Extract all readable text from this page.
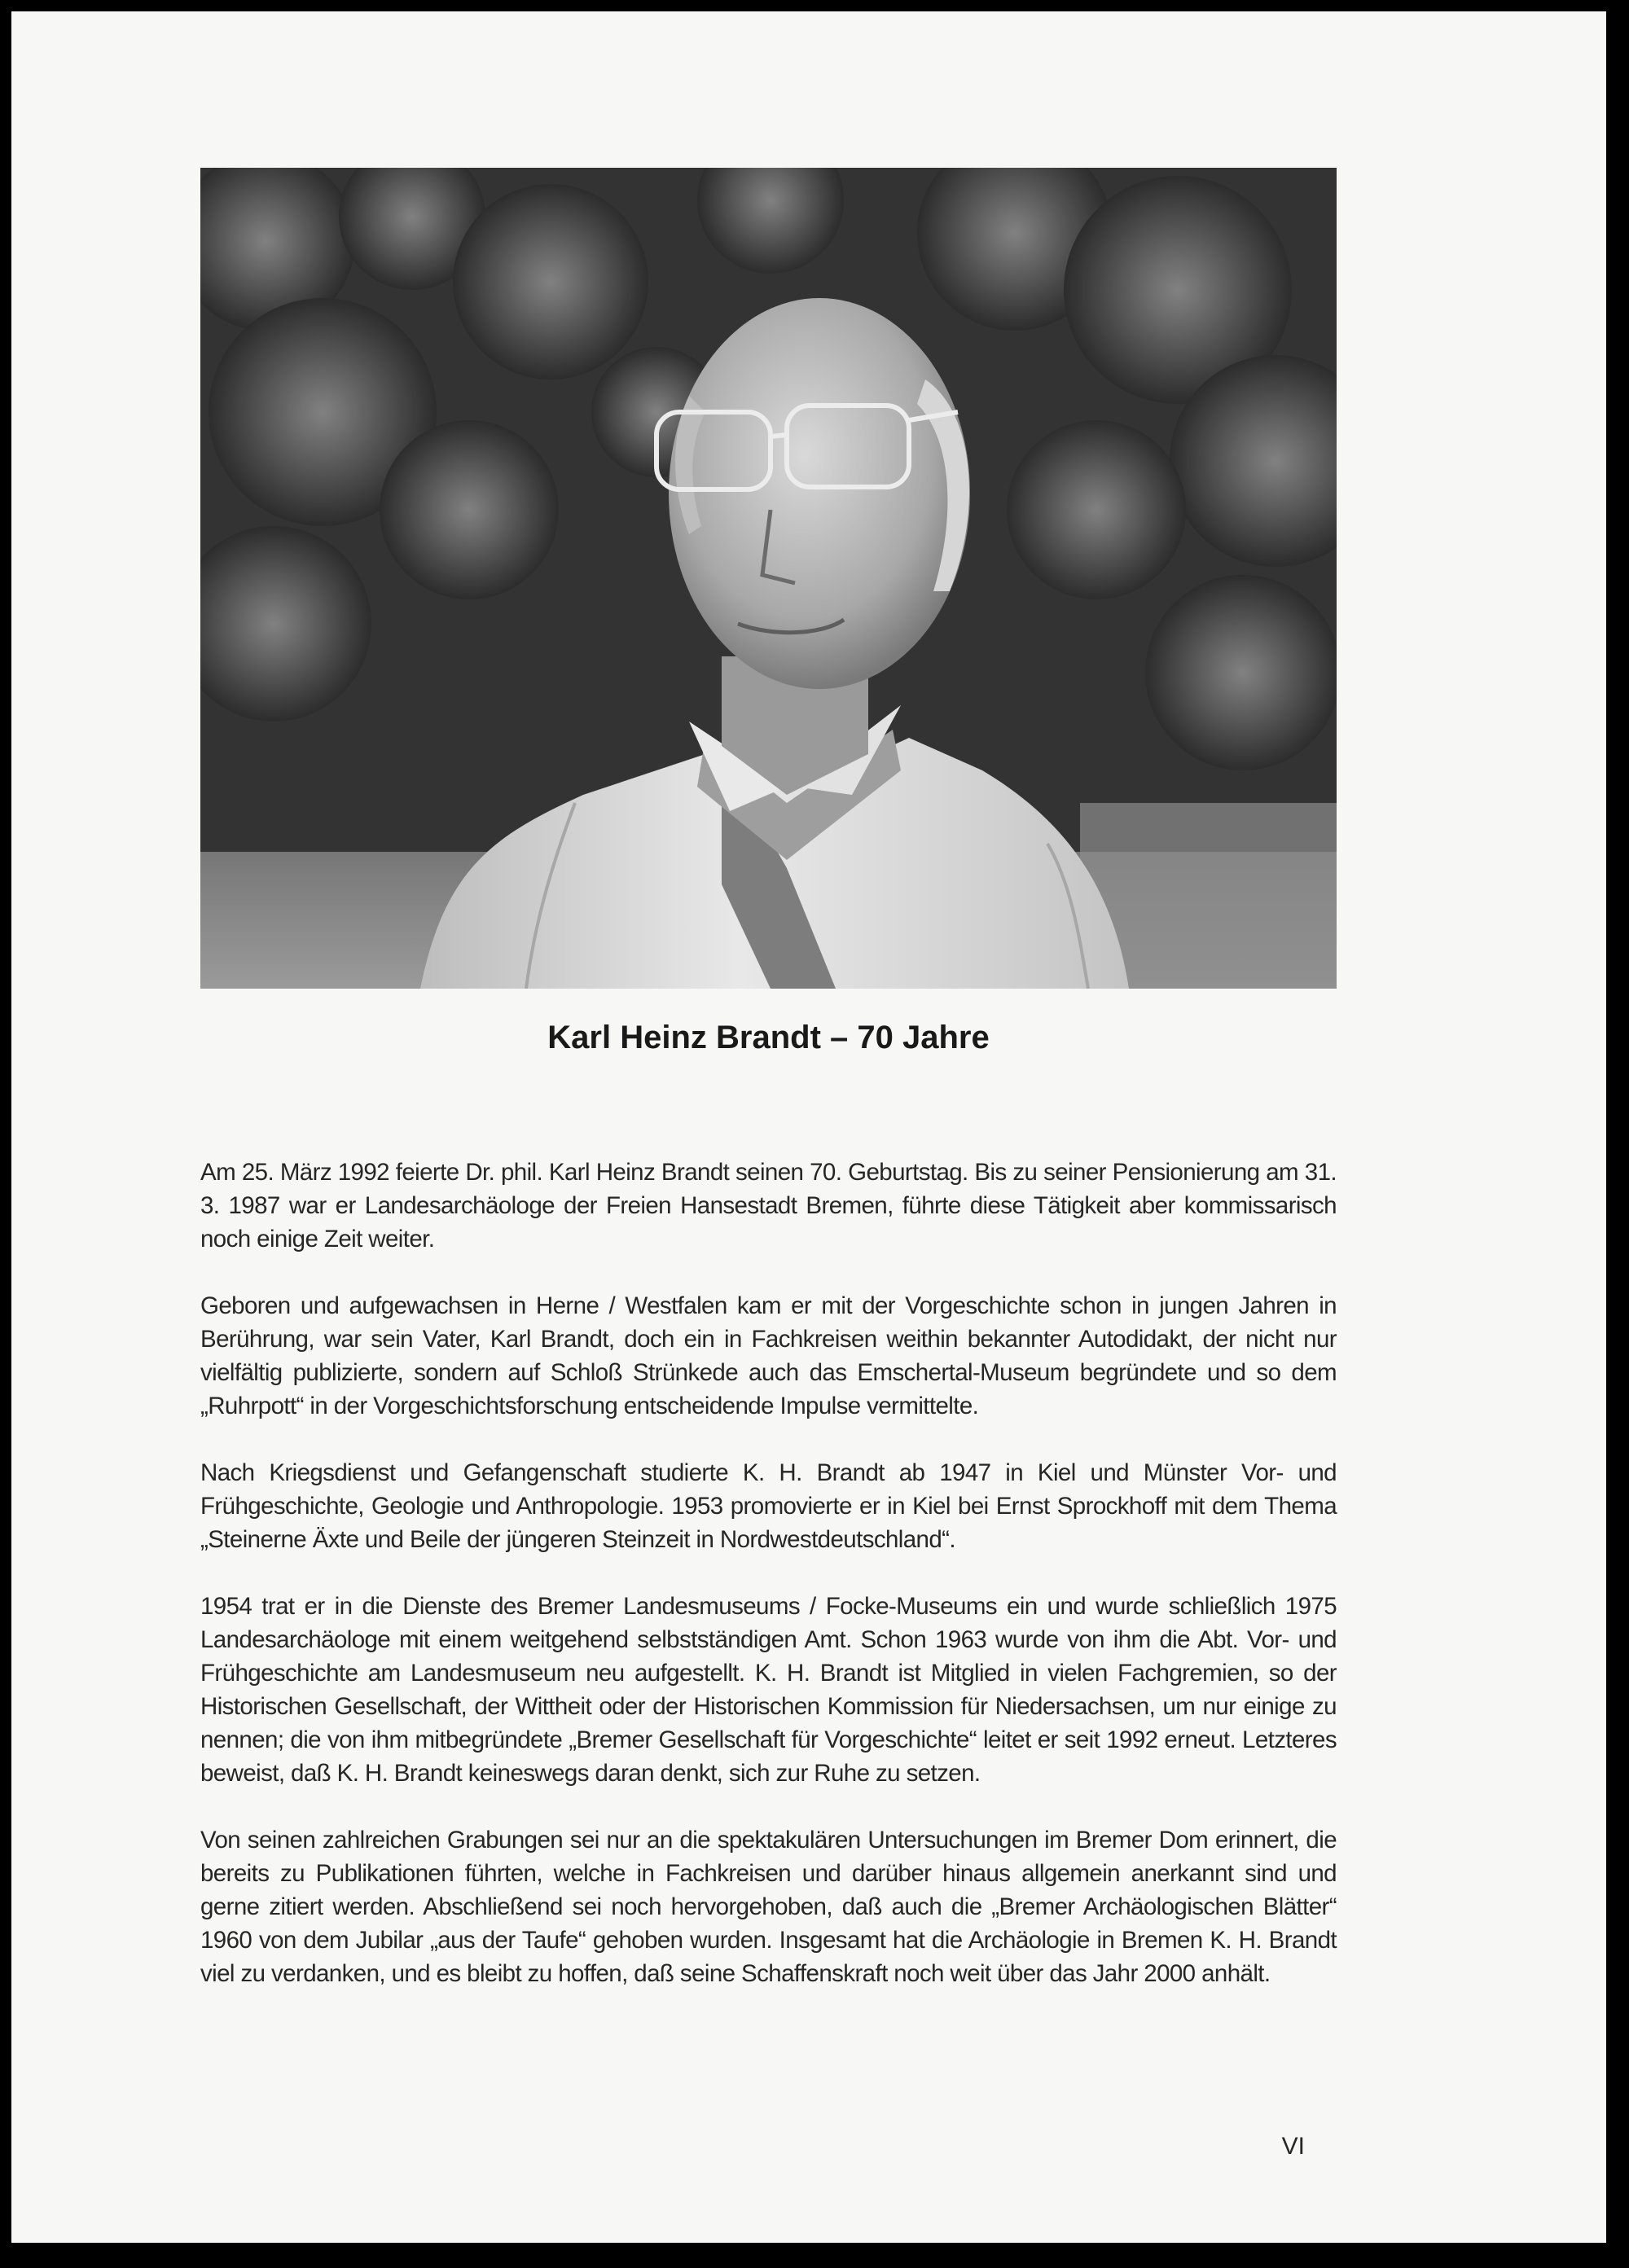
Karl Heinz Brandt – 70 Jahre

Am 25. März 1992 feierte Dr. phil. Karl Heinz Brandt seinen 70. Geburtstag. Bis zu seiner Pensionierung am 31. 3. 1987 war er Landesarchäologe der Freien Hansestadt Bremen, führte diese Tätigkeit aber kommissarisch noch einige Zeit weiter.

Geboren und aufgewachsen in Herne / Westfalen kam er mit der Vorgeschichte schon in jungen Jahren in Berührung, war sein Vater, Karl Brandt, doch ein in Fachkreisen weithin bekannter Autodidakt, der nicht nur vielfältig publizierte, sondern auf Schloß Strünkede auch das Emschertal-Museum begründete und so dem „Ruhrpott“ in der Vorgeschichtsforschung entscheidende Impulse vermittelte.

Nach Kriegsdienst und Gefangenschaft studierte K. H. Brandt ab 1947 in Kiel und Münster Vor- und Frühgeschichte, Geologie und Anthropologie. 1953 promovierte er in Kiel bei Ernst Sprockhoff mit dem Thema „Steinerne Äxte und Beile der jüngeren Steinzeit in Nordwestdeutschland“.

1954 trat er in die Dienste des Bremer Landesmuseums / Focke-Museums ein und wurde schließlich 1975 Landesarchäologe mit einem weitgehend selbstständigen Amt. Schon 1963 wurde von ihm die Abt. Vor- und Frühgeschichte am Landesmuseum neu aufgestellt. K. H. Brandt ist Mitglied in vielen Fachgremien, so der Historischen Gesellschaft, der Wittheit oder der Historischen Kommission für Niedersachsen, um nur einige zu nennen; die von ihm mitbegründete „Bremer Gesellschaft für Vorgeschichte“ leitet er seit 1992 erneut. Letzteres beweist, daß K. H. Brandt keineswegs daran denkt, sich zur Ruhe zu setzen.

Von seinen zahlreichen Grabungen sei nur an die spektakulären Untersuchungen im Bremer Dom erinnert, die bereits zu Publikationen führten, welche in Fachkreisen und darüber hinaus allgemein anerkannt sind und gerne zitiert werden. Abschließend sei noch hervorgehoben, daß auch die „Bremer Archäologischen Blätter“ 1960 von dem Jubilar „aus der Taufe“ gehoben wurden. Insgesamt hat die Archäologie in Bremen K. H. Brandt viel zu verdanken, und es bleibt zu hoffen, daß seine Schaffenskraft noch weit über das Jahr 2000 anhält.

VI
